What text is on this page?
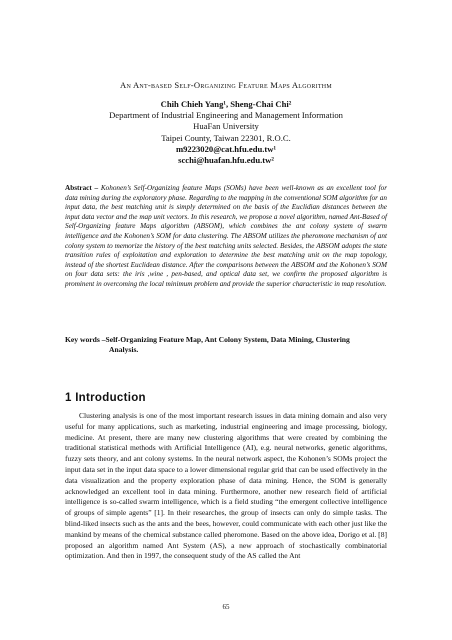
An Ant-based Self-Organizing Feature Maps Algorithm
Chih Chieh Yang¹, Sheng-Chai Chi²
Department of Industrial Engineering and Management Information
HuaFan University
Taipei County, Taiwan 22301, R.O.C.
m9223020@cat.hfu.edu.tw¹
scchi@huafan.hfu.edu.tw²
Abstract – Kohonen’s Self-Organizing feature Maps (SOMs) have been well-known as an excellent tool for data mining during the exploratory phase. Regarding to the mapping in the conventional SOM algorithm for an input data, the best matching unit is simply determined on the basis of the Euclidian distances between the input data vector and the map unit vectors. In this research, we propose a novel algorithm, named Ant-Based of Self-Organizing feature Maps algorithm (ABSOM), which combines the ant colony system of swarm intelligence and the Kohonen’s SOM for data clustering. The ABSOM utilizes the pheromone mechanism of ant colony system to memorize the history of the best matching units selected. Besides, the ABSOM adopts the state transition rules of exploitation and exploration to determine the best matching unit on the map topology, instead of the shortest Euclidean distance. After the comparisons between the ABSOM and the Kohonen’s SOM on four data sets: the iris ,wine , pen-based, and optical data set, we confirm the proposed algorithm is prominent in overcoming the local minimum problem and provide the superior characteristic in map resolution.
Key words –Self-Organizing Feature Map, Ant Colony System, Data Mining, Clustering
Analysis.
1 Introduction
Clustering analysis is one of the most important research issues in data mining domain and also very useful for many applications, such as marketing, industrial engineering and image processing, biology, medicine. At present, there are many new clustering algorithms that were created by combining the traditional statistical methods with Artificial Intelligence (AI), e.g. neural networks, genetic algorithms, fuzzy sets theory, and ant colony systems. In the neural network aspect, the Kohonen’s SOMs project the input data set in the input data space to a lower dimensional regular grid that can be used effectively in the data visualization and the property exploration phase of data mining. Hence, the SOM is generally acknowledged an excellent tool in data mining. Furthermore, another new research field of artificial intelligence is so-called swarm intelligence, which is a field studing “the emergent collective intelligence of groups of simple agents” [1]. In their researches, the group of insects can only do simple tasks. The blind-liked insects such as the ants and the bees, however, could communicate with each other just like the mankind by means of the chemical substance called pheromone. Based on the above idea, Dorigo et al. [8] proposed an algorithm named Ant System (AS), a new approach of stochastically combinatorial optimization. And then in 1997, the consequent study of the AS called the Ant
65
